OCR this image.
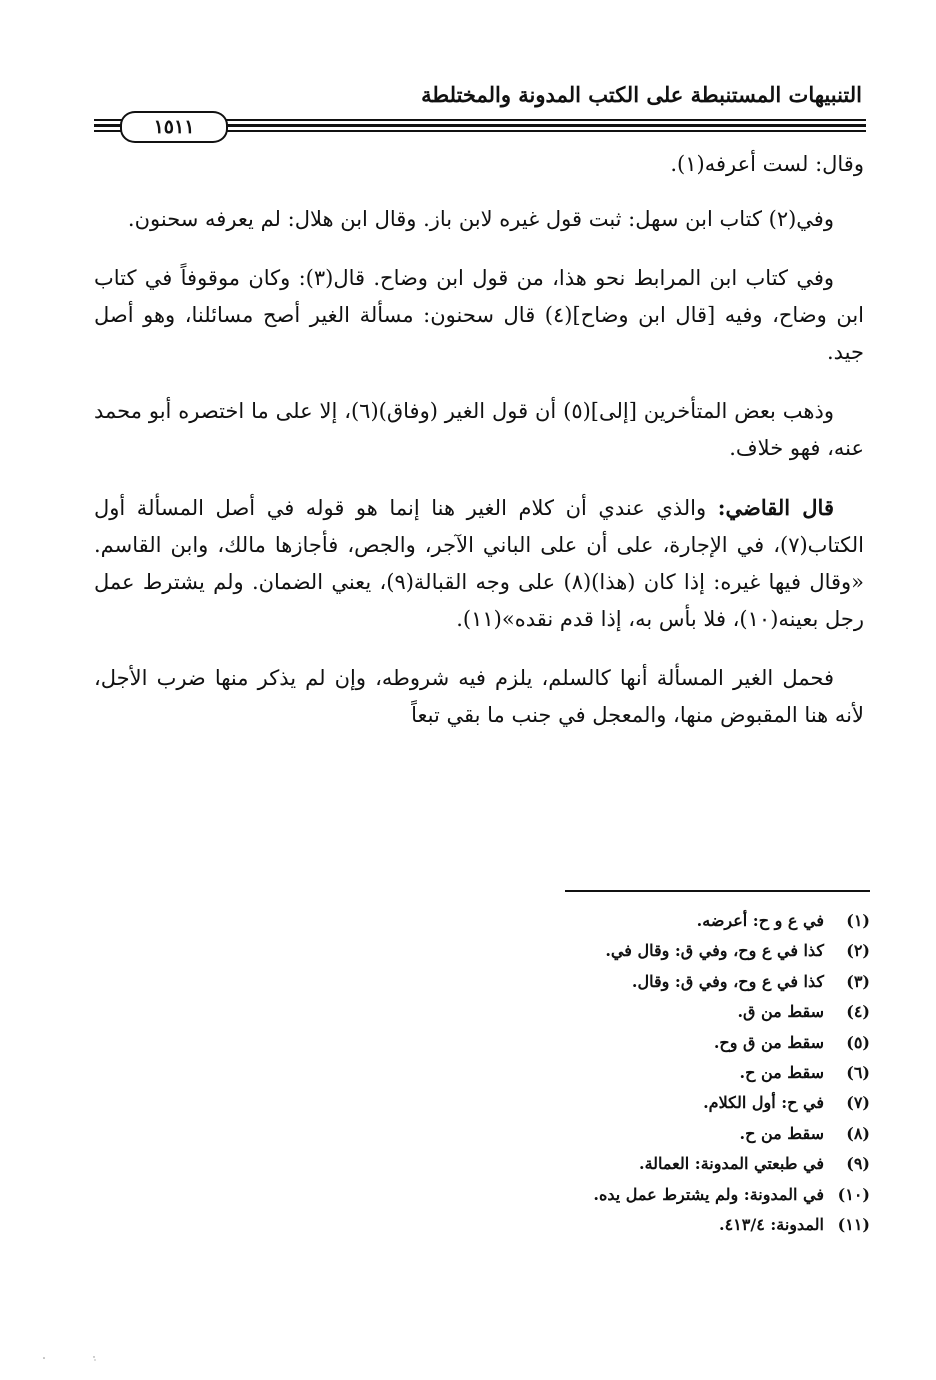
التنبيهات المستنبطة على الكتب المدونة والمختلطة
١٥١١

وقال: لست أعرفه(١).

وفي(٢) كتاب ابن سهل: ثبت قول غيره لابن باز. وقال ابن هلال: لم يعرفه سحنون.

وفي كتاب ابن المرابط نحو هذا، من قول ابن وضاح. قال(٣): وكان موقوفاً في كتاب ابن وضاح، وفيه [قال ابن وضاح](٤) قال سحنون: مسألة الغير أصح مسائلنا، وهو أصل جيد.

وذهب بعض المتأخرين [إلى](٥) أن قول الغير (وفاق)(٦)، إلا على ما اختصره أبو محمد عنه، فهو خلاف.

قال القاضي: والذي عندي أن كلام الغير هنا إنما هو قوله في أصل المسألة أول الكتاب(٧)، في الإجارة، على أن على الباني الآجر، والجص، فأجازها مالك، وابن القاسم. «وقال فيها غيره: إذا كان (هذا)(٨) على وجه القبالة(٩)، يعني الضمان. ولم يشترط عمل رجل بعينه(١٠)، فلا بأس به، إذا قدم نقده»(١١).

فحمل الغير المسألة أنها كالسلم، يلزم فيه شروطه، وإن لم يذكر منها ضرب الأجل، لأنه هنا المقبوض منها، والمعجل في جنب ما بقي تبعاً

(١)
في ع و ح: أعرضه.
(٢)
كذا في ع وح، وفي ق: وقال في.
(٣)
كذا في ع وح، وفي ق: وقال.
(٤)
سقط من ق.
(٥)
سقط من ق وح.
(٦)
سقط من ح.
(٧)
في ح: أول الكلام.
(٨)
سقط من ح.
(٩)
في طبعتي المدونة: العمالة.
(١٠)
في المدونة: ولم يشترط عمل يده.
(١١)
المدونة: ٤١٣/٤.
